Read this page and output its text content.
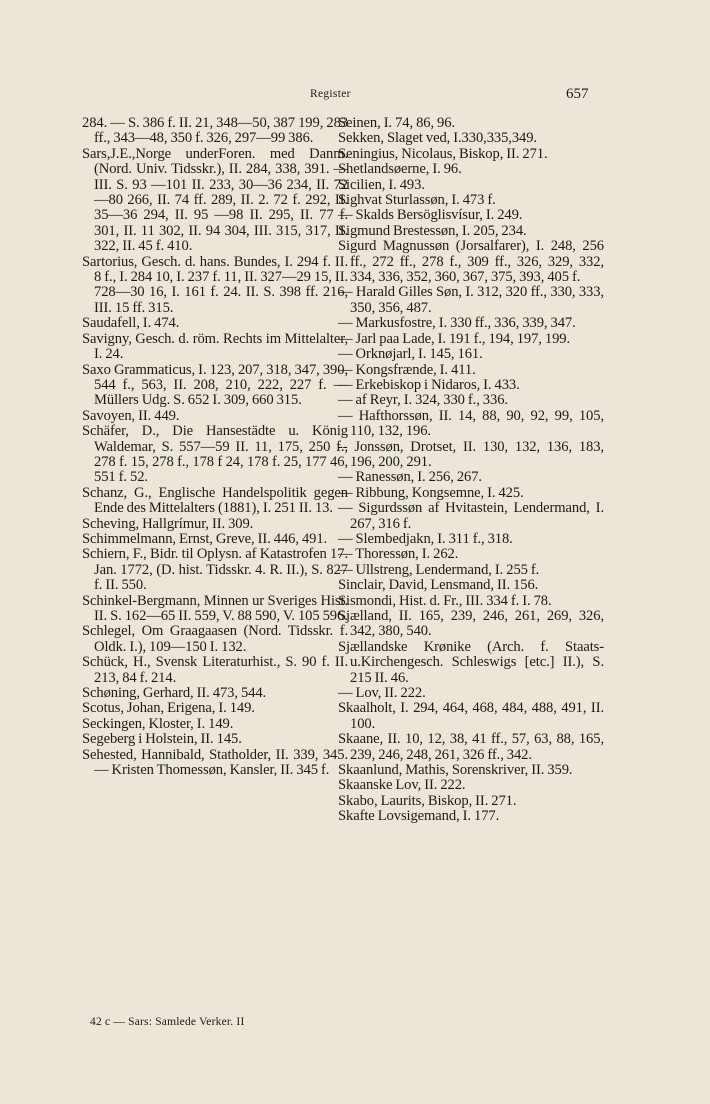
Register	657

284. — S. 386 f. II. 21, 348—50, 387 199, 283 ff., 343—48, 350 f. 326, 297—99 386.

Sars,J.E.,Norge underForen. med Danm. (Nord. Univ. Tidsskr.), II. 284, 338, 391. — III. S. 93 —101 II. 233, 30—36 234, II. 72—80 266, II. 74 ff. 289, II. 2. 72 f. 292, II. 35—36 294, II. 95 —98 II. 295, II. 77 f. 301, II. 11 302, II. 94 304, III. 315, 317, II. 322, II. 45 f. 410.

Sartorius, Gesch. d. hans. Bundes, I. 294 f. II. 8 f., I. 284 10, I. 237 f. 11, II. 327—29 15, II. 728—30 16, I. 161 f. 24. II. S. 398 ff. 216, III. 15 ff. 315.

Saudafell, I. 474.

Savigny, Gesch. d. röm. Rechts im Mittelalter, I. 24.

Saxo Grammaticus, I. 123, 207, 318, 347, 390, 544 f., 563, II. 208, 210, 222, 227 f. — Müllers Udg. S. 652 I. 309, 660 315.

Savoyen, II. 449.

Schäfer, D., Die Hansestädte u. König Waldemar, S. 557—59 II. 11, 175, 250 f., 278 f. 15, 278 f., 178 f 24, 178 f. 25, 177 46, 551 f. 52.

Schanz, G., Englische Handelspolitik gegen Ende des Mittelalters (1881), I. 251 II. 13.

Scheving, Hallgrímur, II. 309.

Schimmelmann, Ernst, Greve, II. 446, 491.

Schiern, F., Bidr. til Oplysn. af Katastrofen 17. Jan. 1772, (D. hist. Tidsskr. 4. R. II.), S. 827 f. II. 550.

Schinkel-Bergmann, Minnen ur Sveriges Hist. II. S. 162—65 II. 559, V. 88 590, V. 105 596.

Schlegel, Om Graagaasen (Nord. Tidsskr. f. Oldk. I.), 109—150 I. 132.

Schück, H., Svensk Literaturhist., S. 90 f. II. 213, 84 f. 214.

Schøning, Gerhard, II. 473, 544.

Scotus, Johan, Erigena, I. 149.

Seckingen, Kloster, I. 149.

Segeberg i Holstein, II. 145.

Sehested, Hannibald, Statholder, II. 339, 345. — Kristen Thomessøn, Kansler, II. 345 f.

Seinen, I. 74, 86, 96.

Sekken, Slaget ved, I.330,335,349.

Seningius, Nicolaus, Biskop, II. 271.

Shetlandsøerne, I. 96.

Sicilien, I. 493.

Sighvat Sturlassøn, I. 473 f.

— Skalds Bersöglisvísur, I. 249.

Sigmund Brestessøn, I. 205, 234.

Sigurd Magnussøn (Jorsalfarer), I. 248, 256 ff., 272 ff., 278 f., 309 ff., 326, 329, 332, 334, 336, 352, 360, 367, 375, 393, 405 f.

— Harald Gilles Søn, I. 312, 320 ff., 330, 333, 350, 356, 487.

— Markusfostre, I. 330 ff., 336, 339, 347.

— Jarl paa Lade, I. 191 f., 194, 197, 199.

— Orknøjarl, I. 145, 161.

— Kongsfrænde, I. 411.

— Erkebiskop i Nidaros, I. 433.

— af Reyr, I. 324, 330 f., 336.

— Hafthorssøn, II. 14, 88, 90, 92, 99, 105, 110, 132, 196.

-- Jonssøn, Drotset, II. 130, 132, 136, 183, 196, 200, 291.

— Ranessøn, I. 256, 267.

— Ribbung, Kongsemne, I. 425.

— Sigurdssøn af Hvitastein, Lendermand, I. 267, 316 f.

— Slembedjakn, I. 311 f., 318.

— Thoressøn, I. 262.

— Ullstreng, Lendermand, I. 255 f.

Sinclair, David, Lensmand, II. 156.

Sismondi, Hist. d. Fr., III. 334 f. I. 78.

Sjælland, II. 165, 239, 246, 261, 269, 326, 342, 380, 540.

Sjællandske Krønike (Arch. f. Staats-u.Kirchengesch. Schleswigs [etc.] II.), S. 215 II. 46.

— Lov, II. 222.

Skaalholt, I. 294, 464, 468, 484, 488, 491, II. 100.

Skaane, II. 10, 12, 38, 41 ff., 57, 63, 88, 165, 239, 246, 248, 261, 326 ff., 342.

Skaanlund, Mathis, Sorenskriver, II. 359.

Skaanske Lov, II. 222.

Skabo, Laurits, Biskop, II. 271.

Skafte Lovsigemand, I. 177.

42 c — Sars: Samlede Verker. II
